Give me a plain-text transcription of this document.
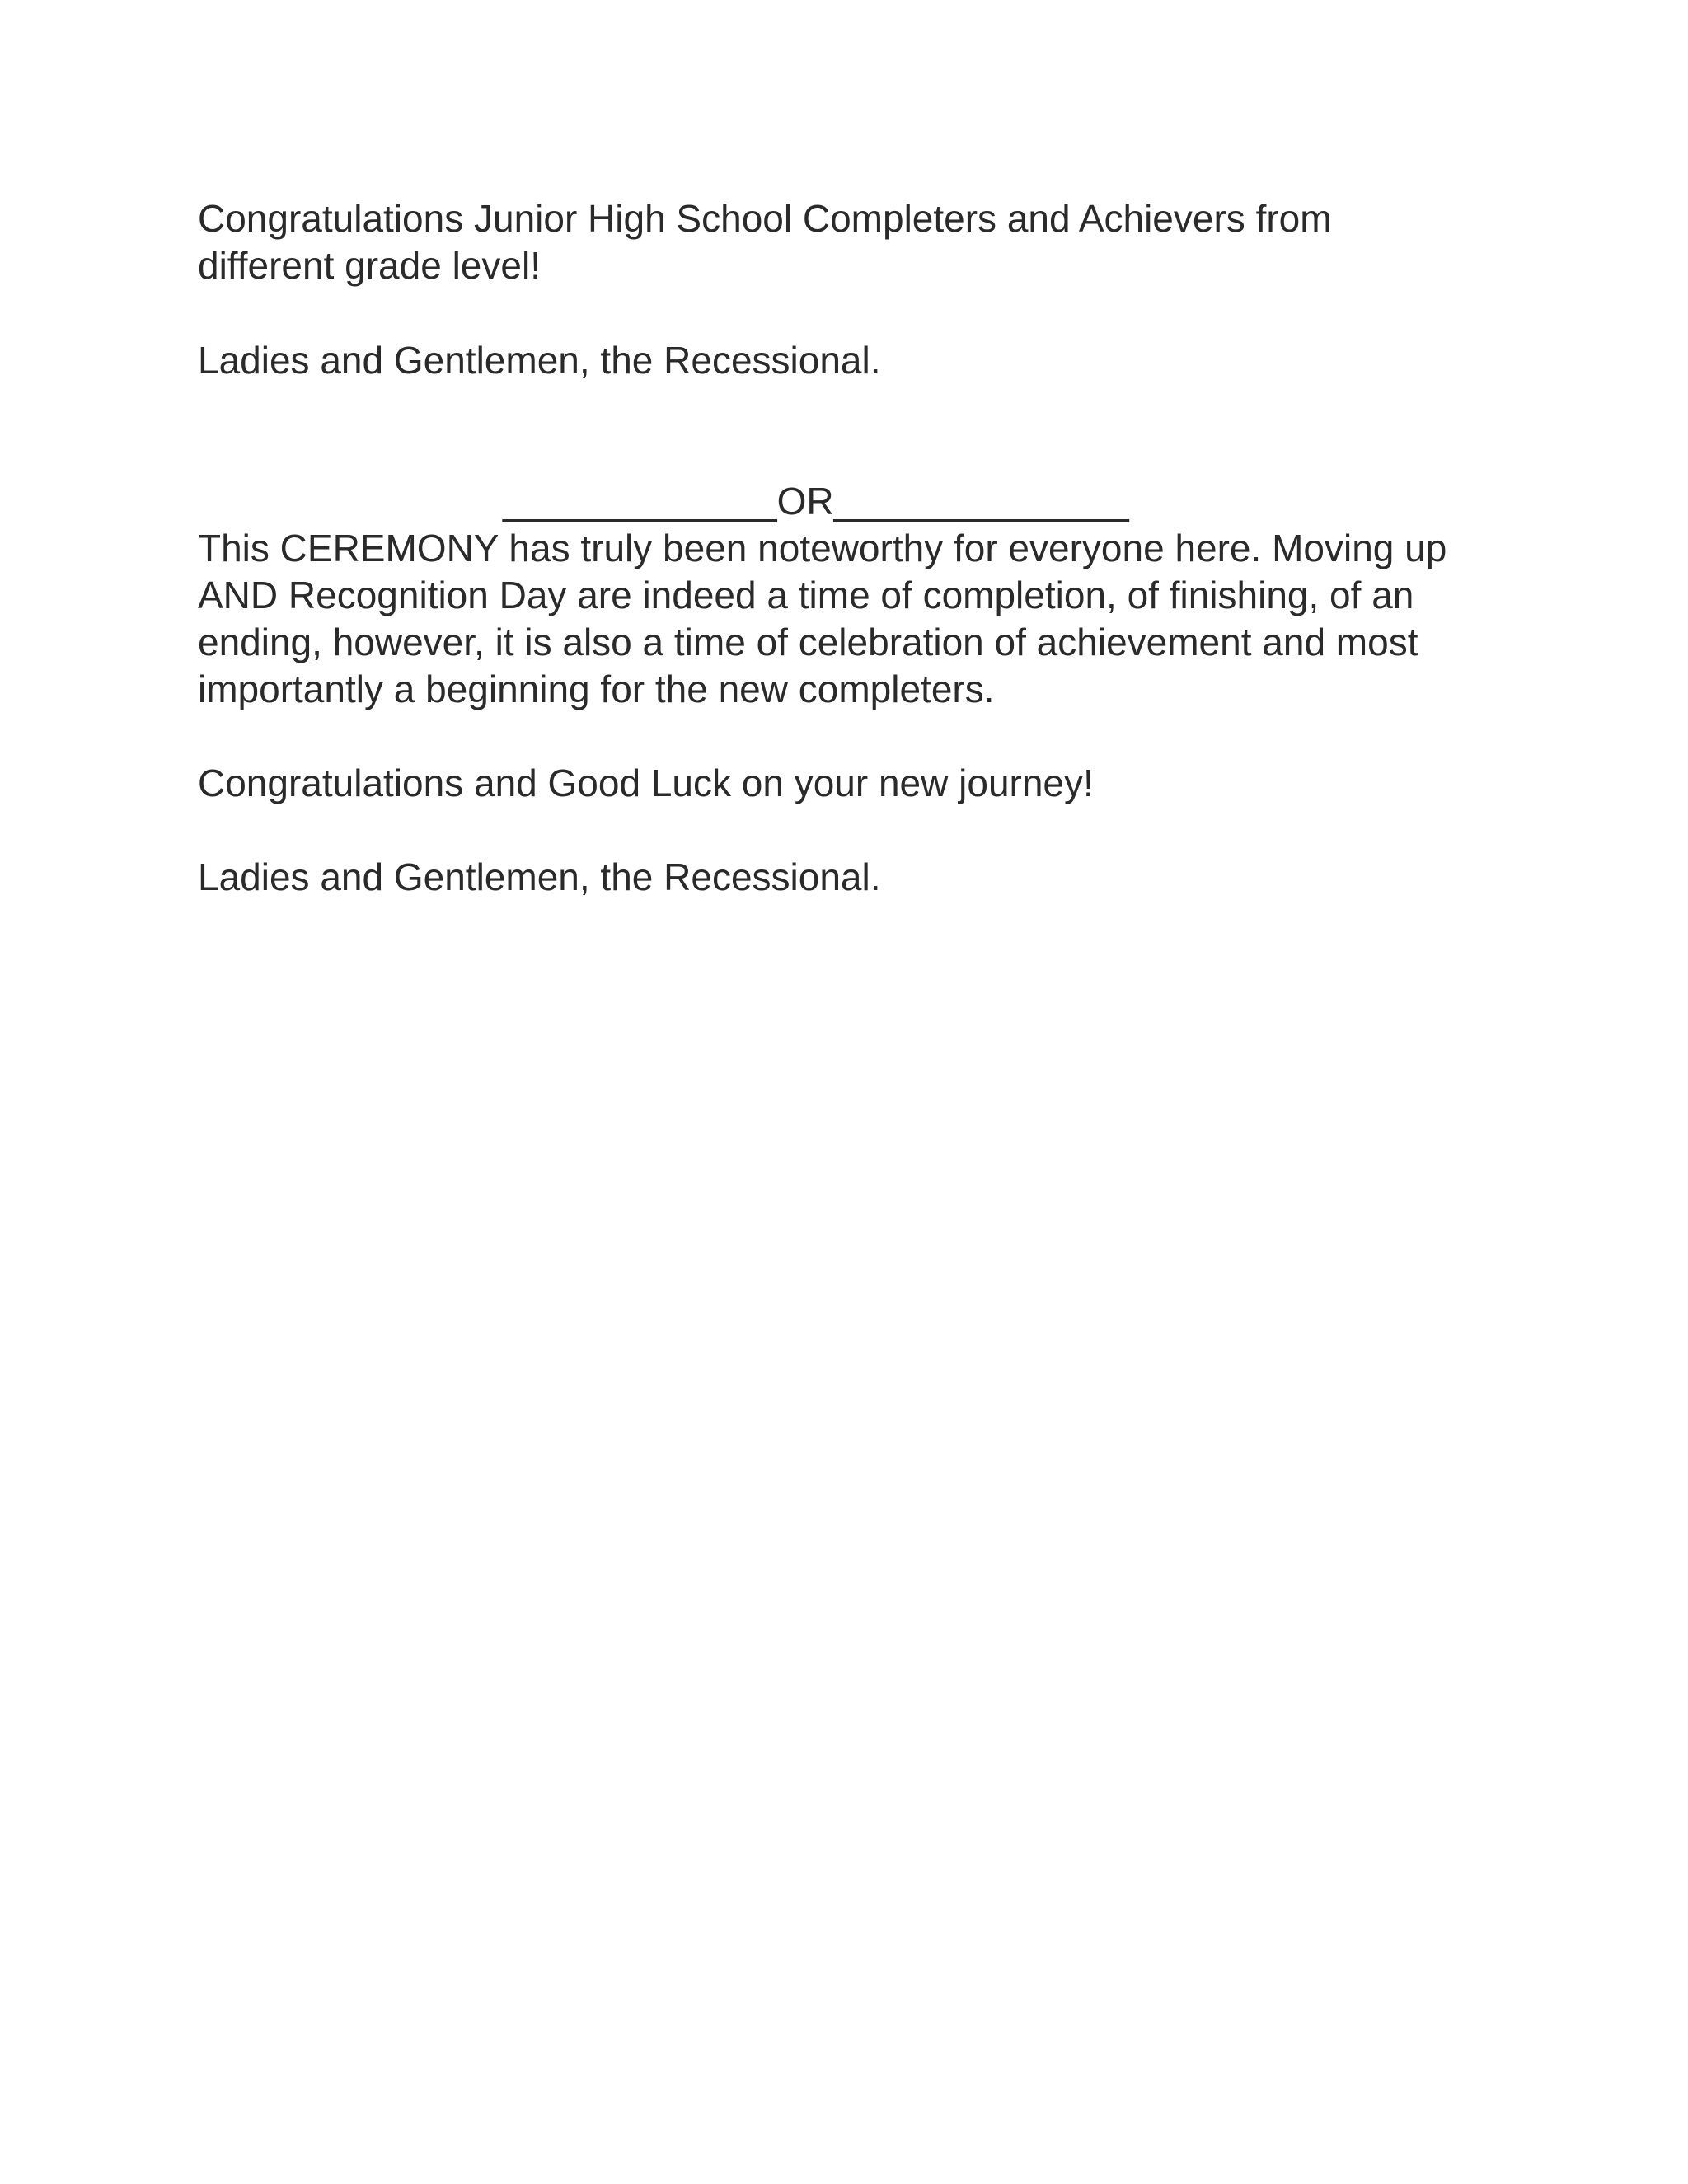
Congratulations Junior High School Completers and Achievers from

different grade level!

Ladies and Gentlemen, the Recessional.

_____________OR______________

This CEREMONY has truly been noteworthy for everyone here. Moving up

AND Recognition Day are indeed a time of completion, of finishing, of an

ending, however, it is also a time of celebration of achievement and most

importantly a beginning for the new completers.

Congratulations and Good Luck on your new journey!

Ladies and Gentlemen, the Recessional.
